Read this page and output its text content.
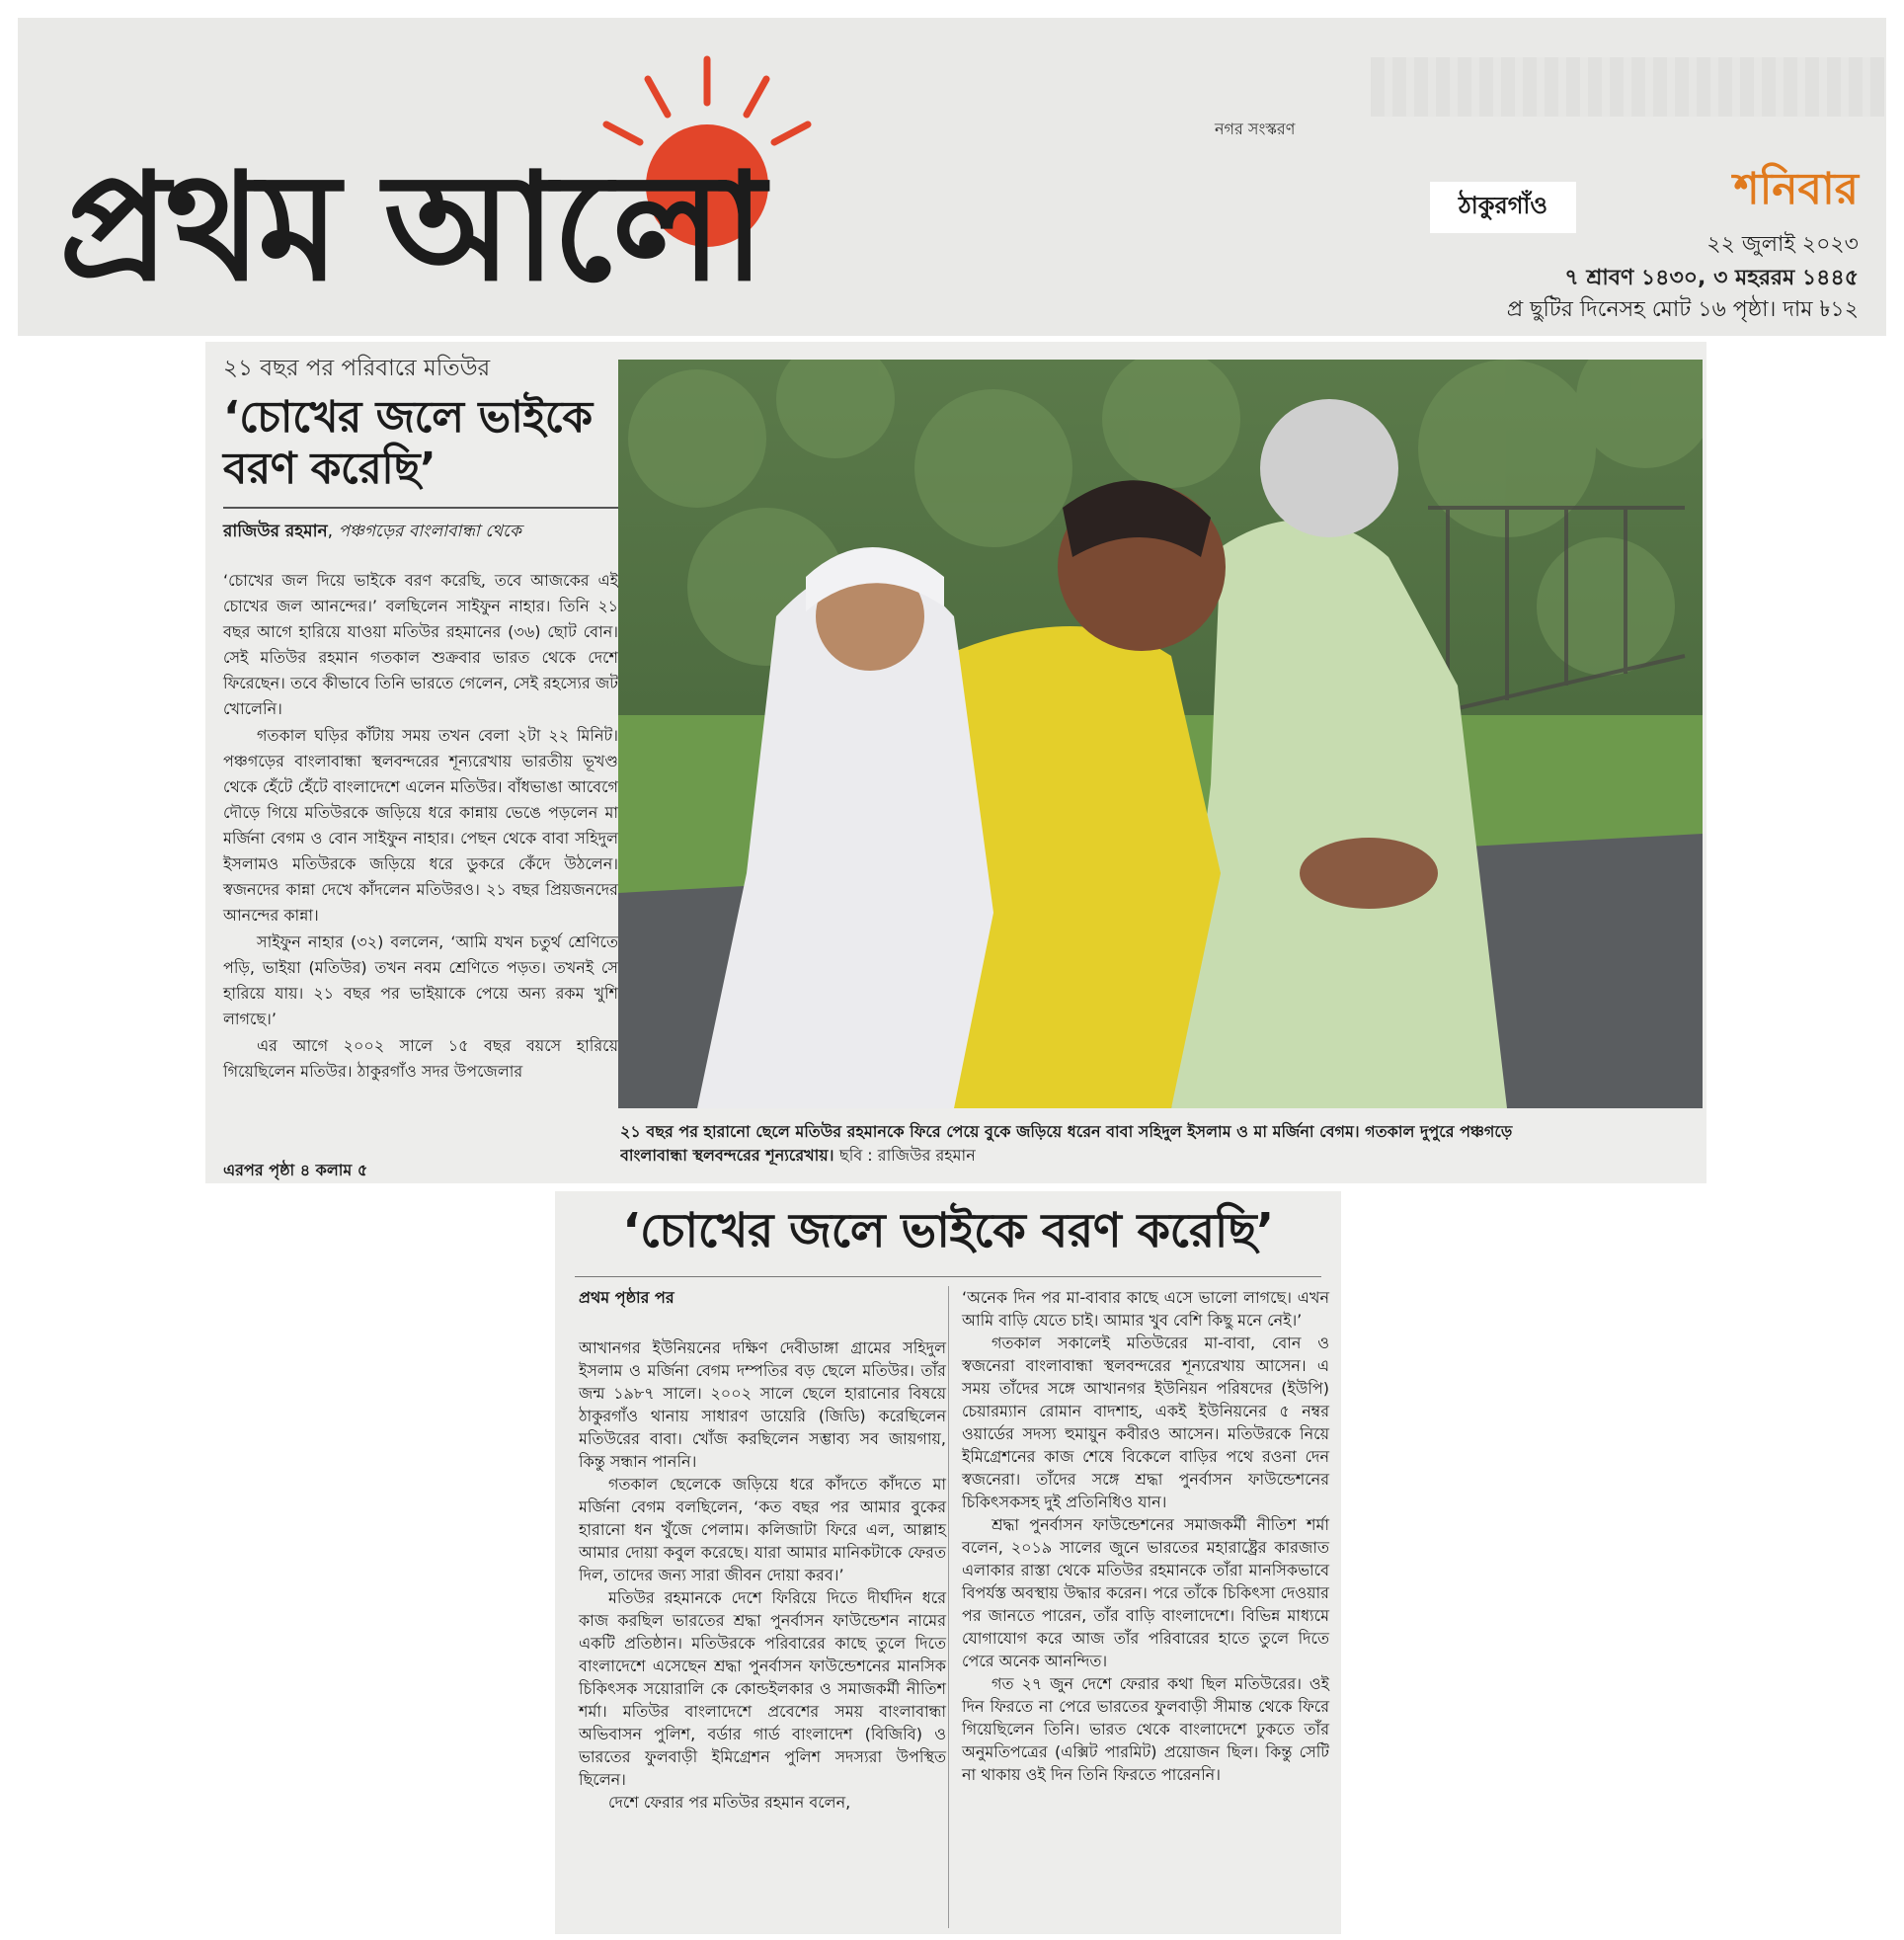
প্রথম আলো
নগর সংস্করণ
ঠাকুরগাঁও	শনিবার
২২ জুলাই ২০২৩
৭ শ্রাবণ ১৪৩০, ৩ মহররম ১৪৪৫
প্র ছুটির দিনেসহ মোট ১৬ পৃষ্ঠা। দাম ৳১২

২১ বছর পর পরিবারে মতিউর

‘চোখের জলে ভাইকে বরণ করেছি’

রাজিউর রহমান, পঞ্চগড়ের বাংলাবান্ধা থেকে

‘চোখের জল দিয়ে ভাইকে বরণ করেছি, তবে আজকের এই চোখের জল আনন্দের।’ বলছিলেন সাইফুন নাহার। তিনি ২১ বছর আগে হারিয়ে যাওয়া মতিউর রহমানের (৩৬) ছোট বোন। সেই মতিউর রহমান গতকাল শুক্রবার ভারত থেকে দেশে ফিরেছেন। তবে কীভাবে তিনি ভারতে গেলেন, সেই রহস্যের জট খোলেনি।

গতকাল ঘড়ির কাঁটায় সময় তখন বেলা ২টা ২২ মিনিট। পঞ্চগড়ের বাংলাবান্ধা স্থলবন্দরের শূন্যরেখায় ভারতীয় ভূখণ্ড থেকে হেঁটে হেঁটে বাংলাদেশে এলেন মতিউর। বাঁধভাঙা আবেগে দৌড়ে গিয়ে মতিউরকে জড়িয়ে ধরে কান্নায় ভেঙে পড়লেন মা মর্জিনা বেগম ও বোন সাইফুন নাহার। পেছন থেকে বাবা সহিদুল ইসলামও মতিউরকে জড়িয়ে ধরে ডুকরে কেঁদে উঠলেন। স্বজনদের কান্না দেখে কাঁদলেন মতিউরও। ২১ বছর প্রিয়জনদের আনন্দের কান্না।

সাইফুন নাহার (৩২) বললেন, ‘আমি যখন চতুর্থ শ্রেণিতে পড়ি, ভাইয়া (মতিউর) তখন নবম শ্রেণিতে পড়ত। তখনই সে হারিয়ে যায়। ২১ বছর পর ভাইয়াকে পেয়ে অন্য রকম খুশি লাগছে।’

এর আগে ২০০২ সালে ১৫ বছর বয়সে হারিয়ে গিয়েছিলেন মতিউর। ঠাকুরগাঁও সদর উপজেলার

এরপর পৃষ্ঠা ৪ কলাম ৫
২১ বছর পর হারানো ছেলে মতিউর রহমানকে ফিরে পেয়ে বুকে জড়িয়ে ধরেন বাবা সহিদুল ইসলাম ও মা মর্জিনা বেগম। গতকাল দুপুরে পঞ্চগড়ে
বাংলাবান্ধা স্থলবন্দরের শূন্যরেখায়। ছবি : রাজিউর রহমান
‘চোখের জলে ভাইকে বরণ করেছি’

প্রথম পৃষ্ঠার পর

আখানগর ইউনিয়নের দক্ষিণ দেবীডাঙ্গা গ্রামের সহিদুল ইসলাম ও মর্জিনা বেগম দম্পতির বড় ছেলে মতিউর। তাঁর জন্ম ১৯৮৭ সালে। ২০০২ সালে ছেলে হারানোর বিষয়ে ঠাকুরগাঁও থানায় সাধারণ ডায়েরি (জিডি) করেছিলেন মতিউরের বাবা। খোঁজ করছিলেন সম্ভাব্য সব জায়গায়, কিন্তু সন্ধান পাননি।

গতকাল ছেলেকে জড়িয়ে ধরে কাঁদতে কাঁদতে মা মর্জিনা বেগম বলছিলেন, ‘কত বছর পর আমার বুকের হারানো ধন খুঁজে পেলাম। কলিজাটা ফিরে এল, আল্লাহ আমার দোয়া কবুল করেছে। যারা আমার মানিকটাকে ফেরত দিল, তাদের জন্য সারা জীবন দোয়া করব।’

মতিউর রহমানকে দেশে ফিরিয়ে দিতে দীর্ঘদিন ধরে কাজ করছিল ভারতের শ্রদ্ধা পুনর্বাসন ফাউন্ডেশন নামের একটি প্রতিষ্ঠান। মতিউরকে পরিবারের কাছে তুলে দিতে বাংলাদেশে এসেছেন শ্রদ্ধা পুনর্বাসন ফাউন্ডেশনের মানসিক চিকিৎসক সয়োরালি কে কোন্ডইলকার ও সমাজকর্মী নীতিশ শর্মা। মতিউর বাংলাদেশে প্রবেশের সময় বাংলাবান্ধা অভিবাসন পুলিশ, বর্ডার গার্ড বাংলাদেশ (বিজিবি) ও ভারতের ফুলবাড়ী ইমিগ্রেশন পুলিশ সদস্যরা উপস্থিত ছিলেন।

দেশে ফেরার পর মতিউর রহমান বলেন,

‘অনেক দিন পর মা-বাবার কাছে এসে ভালো লাগছে। এখন আমি বাড়ি যেতে চাই। আমার খুব বেশি কিছু মনে নেই।’

গতকাল সকালেই মতিউরের মা-বাবা, বোন ও স্বজনেরা বাংলাবান্ধা স্থলবন্দরের শূন্যরেখায় আসেন। এ সময় তাঁদের সঙ্গে আখানগর ইউনিয়ন পরিষদের (ইউপি) চেয়ারম্যান রোমান বাদশাহ, একই ইউনিয়নের ৫ নম্বর ওয়ার্ডের সদস্য হুমায়ুন কবীরও আসেন। মতিউরকে নিয়ে ইমিগ্রেশনের কাজ শেষে বিকেলে বাড়ির পথে রওনা দেন স্বজনেরা। তাঁদের সঙ্গে শ্রদ্ধা পুনর্বাসন ফাউন্ডেশনের চিকিৎসকসহ দুই প্রতিনিধিও যান।

শ্রদ্ধা পুনর্বাসন ফাউন্ডেশনের সমাজকর্মী নীতিশ শর্মা বলেন, ২০১৯ সালের জুনে ভারতের মহারাষ্ট্রের কারজাত এলাকার রাস্তা থেকে মতিউর রহমানকে তাঁরা মানসিকভাবে বিপর্যস্ত অবস্থায় উদ্ধার করেন। পরে তাঁকে চিকিৎসা দেওয়ার পর জানতে পারেন, তাঁর বাড়ি বাংলাদেশে। বিভিন্ন মাধ্যমে যোগাযোগ করে আজ তাঁর পরিবারের হাতে তুলে দিতে পেরে অনেক আনন্দিত।

গত ২৭ জুন দেশে ফেরার কথা ছিল মতিউরের। ওই দিন ফিরতে না পেরে ভারতের ফুলবাড়ী সীমান্ত থেকে ফিরে গিয়েছিলেন তিনি। ভারত থেকে বাংলাদেশে ঢুকতে তাঁর অনুমতিপত্রের (এক্সিট পারমিট) প্রয়োজন ছিল। কিন্তু সেটি না থাকায় ওই দিন তিনি ফিরতে পারেননি।
